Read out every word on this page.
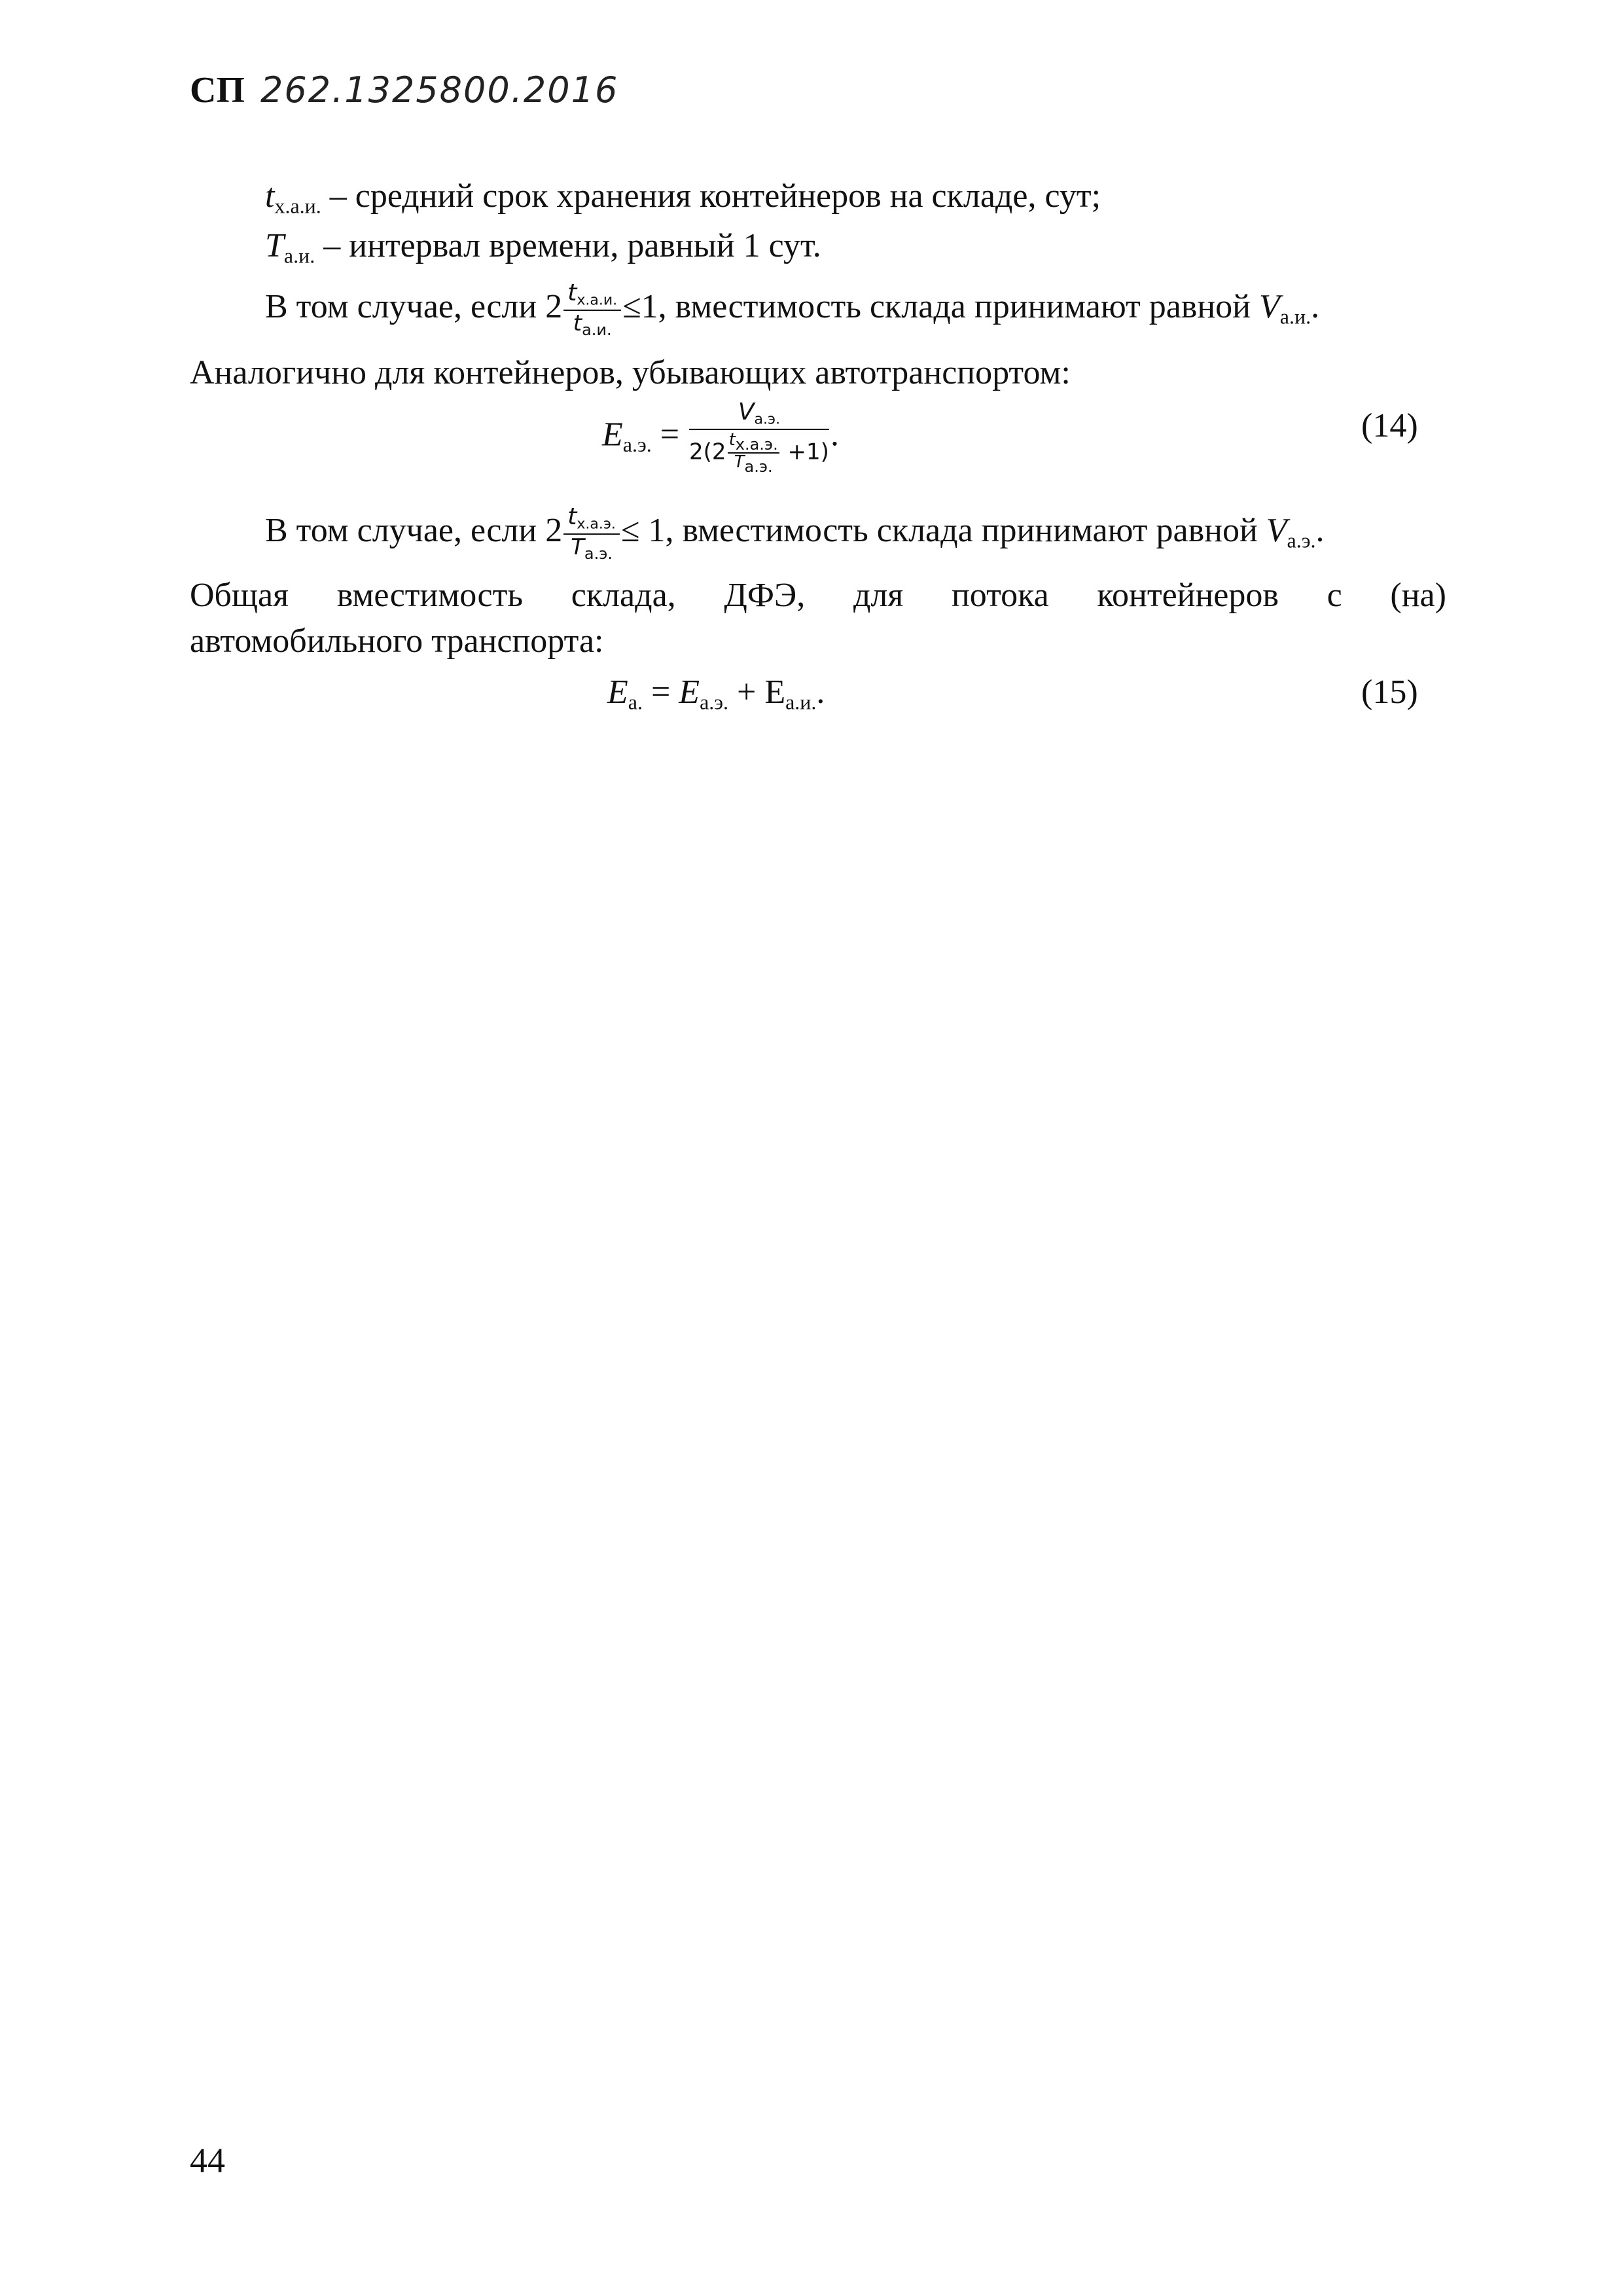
СП 262.1325800.2016
$t_{х.а.и.}$ – средний срок хранения контейнеров на складе, сут;
$T_{а.и.}$ – интервал времени, равный 1 сут.
В том случае, если $2 \frac{t_{х.а.и.}}{t_{а.и.}} \le 1$, вместимость склада принимают равной $V_{а.и.}$.
Аналогично для контейнеров, убывающих автотранспортом:
$E_{а.э.} = \frac{V_{а.э.}}{2(2 \frac{tх.а.э.}{Tа.э.} +1)}$ .	(14)
В том случае, если $2 \frac{t_{х.а.э.}}{T_{а.э.}} \le 1$, вместимость склада принимают равной $V_{а.э.}$.
Общая вместимость склада, ДФЭ, для потока контейнеров с (на)
автомобильного транспорта:
$E_{а.} = E_{а.э.} + Е_{а.и.}$.	(15)
44
